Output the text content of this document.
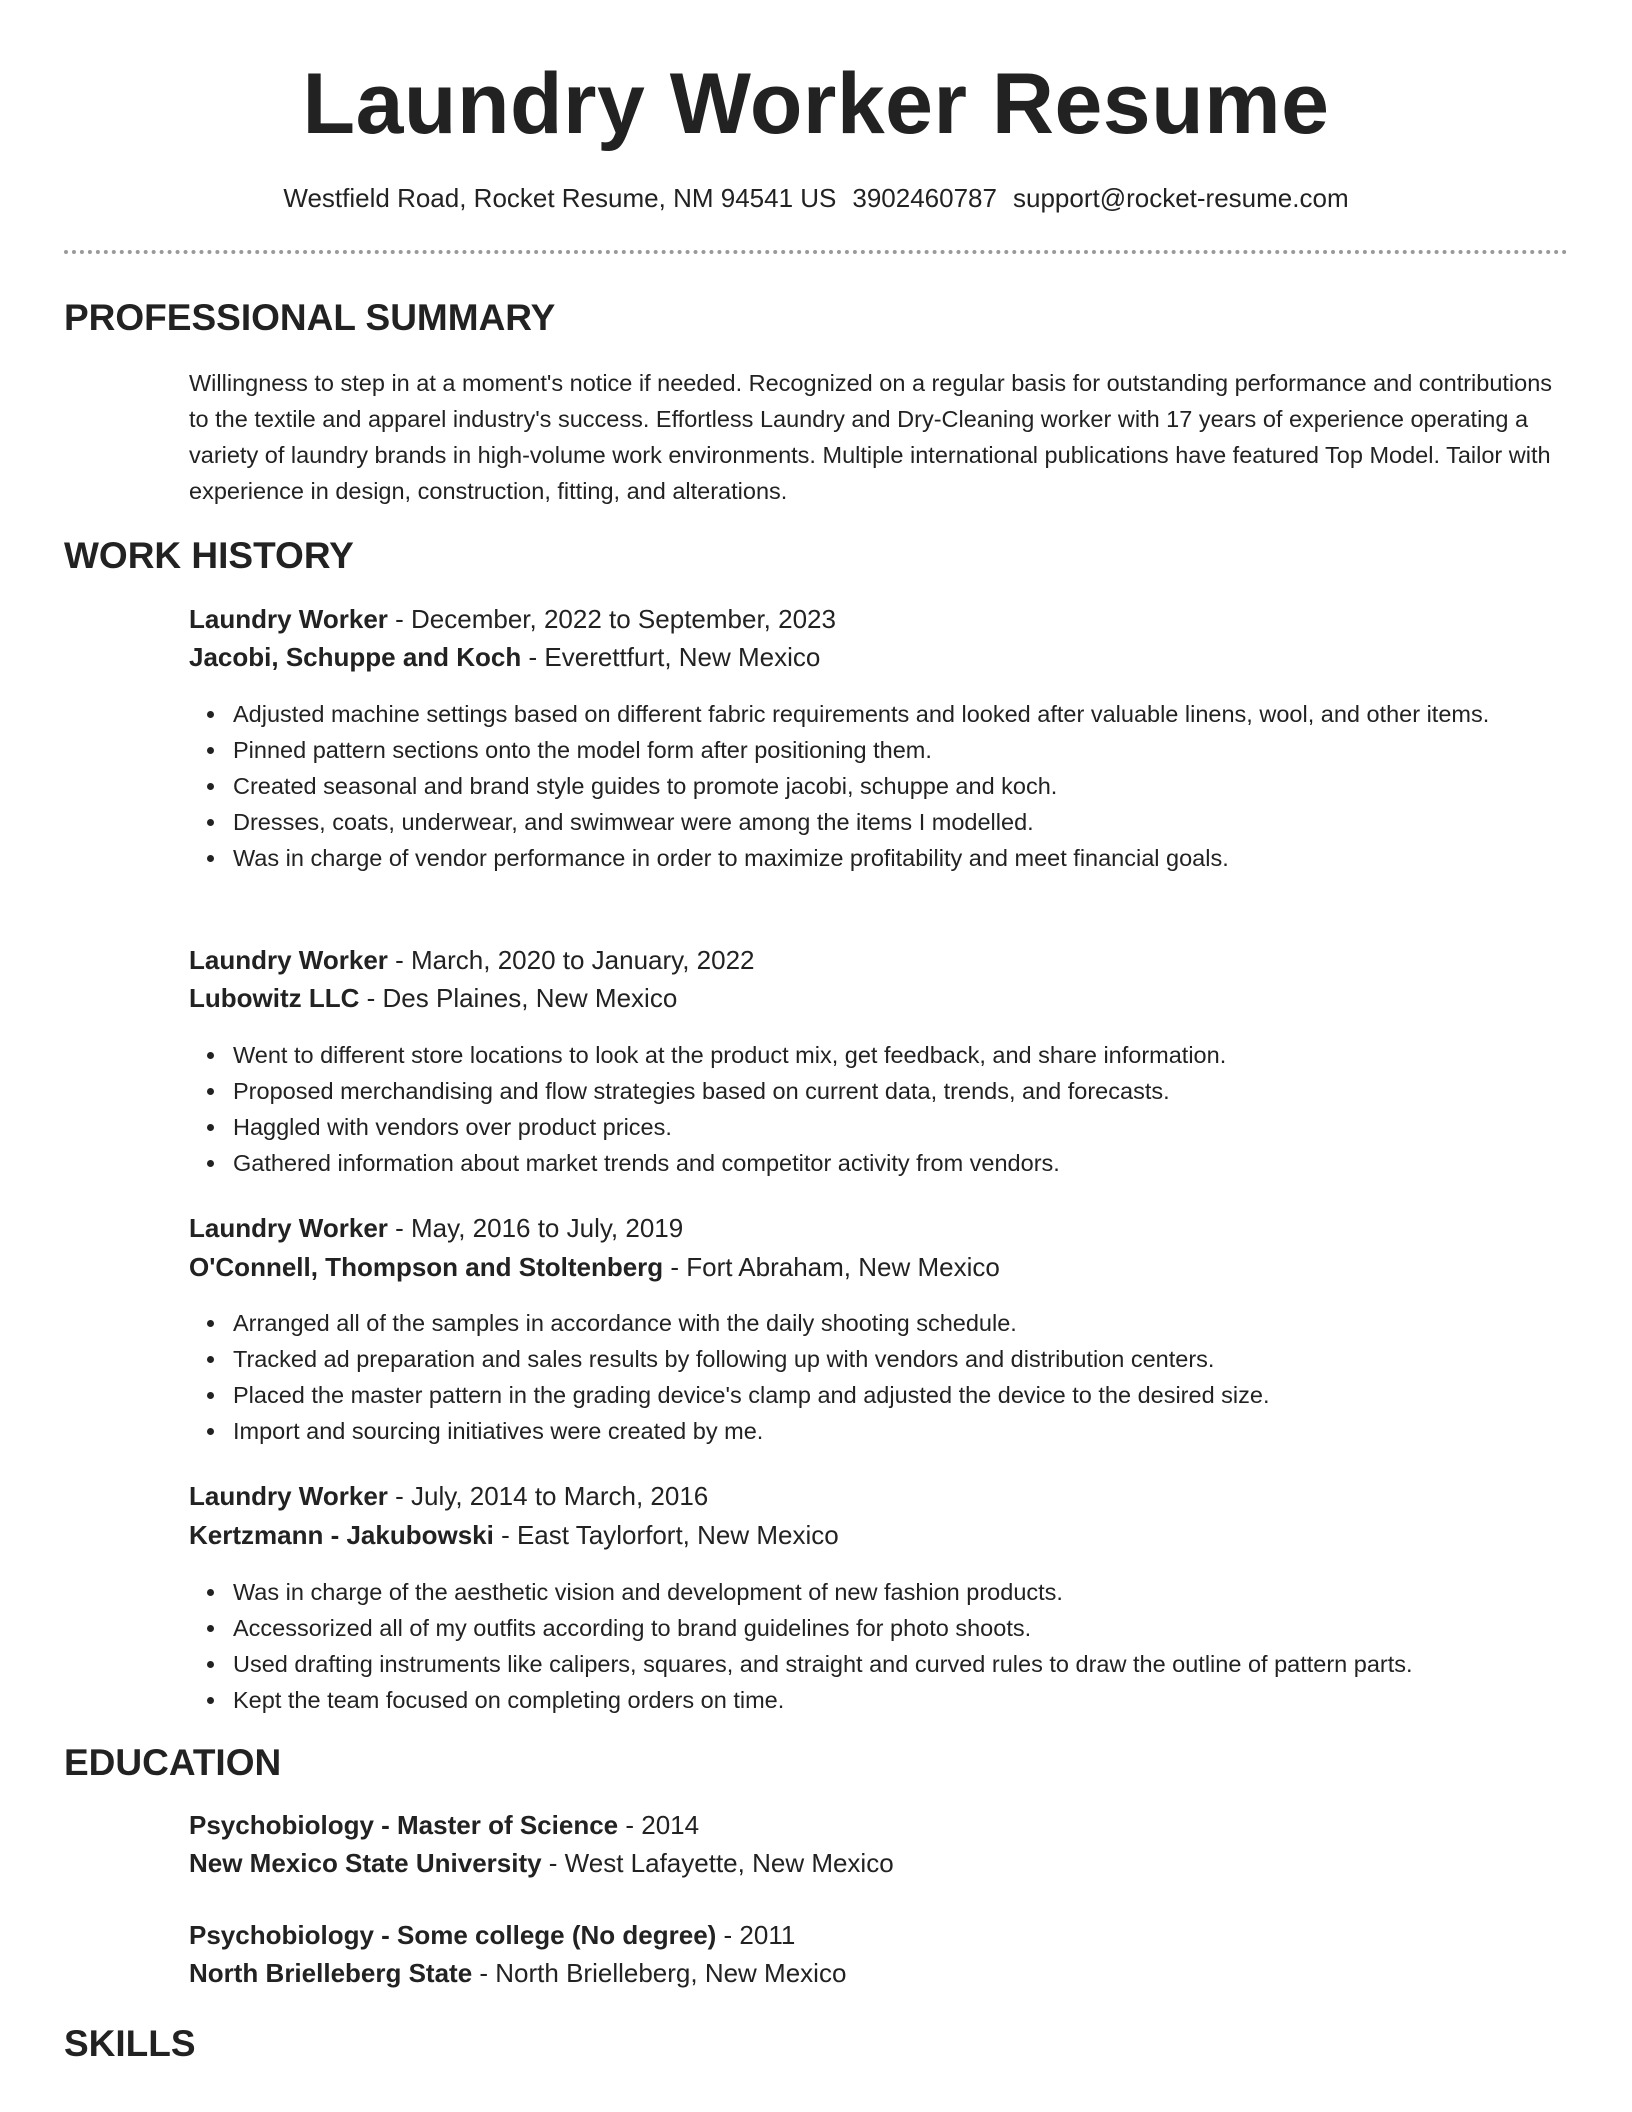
Laundry Worker Resume
Westfield Road, Rocket Resume, NM 94541 US 3902460787 support@rocket-resume.com
PROFESSIONAL SUMMARY

Willingness to step in at a moment's notice if needed. Recognized on a regular basis for outstanding performance and contributions to the textile and apparel industry's success. Effortless Laundry and Dry-Cleaning worker with 17 years of experience operating a variety of laundry brands in high-volume work environments. Multiple international publications have featured Top Model. Tailor with experience in design, construction, fitting, and alterations.

WORK HISTORY
Laundry Worker - December, 2022 to September, 2023
Jacobi, Schuppe and Koch - Everettfurt, New Mexico
Adjusted machine settings based on different fabric requirements and looked after valuable linens, wool, and other items.
Pinned pattern sections onto the model form after positioning them.
Created seasonal and brand style guides to promote jacobi, schuppe and koch.
Dresses, coats, underwear, and swimwear were among the items I modelled.
Was in charge of vendor performance in order to maximize profitability and meet financial goals.
Laundry Worker - March, 2020 to January, 2022
Lubowitz LLC - Des Plaines, New Mexico
Went to different store locations to look at the product mix, get feedback, and share information.
Proposed merchandising and flow strategies based on current data, trends, and forecasts.
Haggled with vendors over product prices.
Gathered information about market trends and competitor activity from vendors.
Laundry Worker - May, 2016 to July, 2019
O'Connell, Thompson and Stoltenberg - Fort Abraham, New Mexico
Arranged all of the samples in accordance with the daily shooting schedule.
Tracked ad preparation and sales results by following up with vendors and distribution centers.
Placed the master pattern in the grading device's clamp and adjusted the device to the desired size.
Import and sourcing initiatives were created by me.
Laundry Worker - July, 2014 to March, 2016
Kertzmann - Jakubowski - East Taylorfort, New Mexico
Was in charge of the aesthetic vision and development of new fashion products.
Accessorized all of my outfits according to brand guidelines for photo shoots.
Used drafting instruments like calipers, squares, and straight and curved rules to draw the outline of pattern parts.
Kept the team focused on completing orders on time.
EDUCATION
Psychobiology - Master of Science - 2014
New Mexico State University - West Lafayette, New Mexico
Psychobiology - Some college (No degree) - 2011
North Brielleberg State - North Brielleberg, New Mexico
SKILLS
